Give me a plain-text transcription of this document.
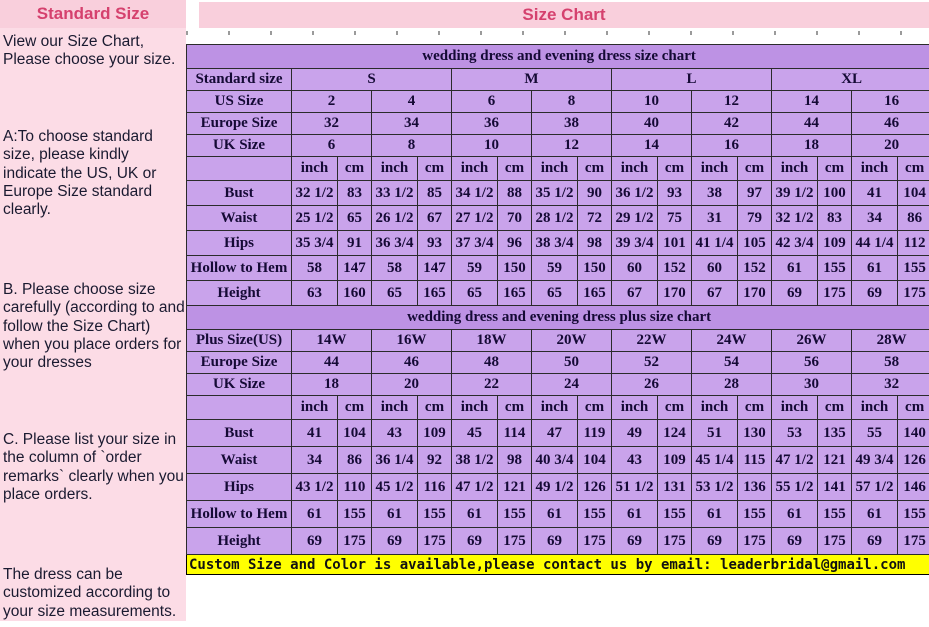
Standard Size

View our Size Chart, Please choose your size.

A:To choose standard size, please kindly indicate the US, UK or Europe Size standard clearly.

B. Please choose size carefully (according to and follow the Size Chart) when you place orders for your dresses

C. Please list your size in the column of `order remarks` clearly when you place orders.

The dress can be customized according to your size measurements.

Size Chart
wedding dress and evening dress size chart																
Standard size	S				M				L				XL			
US Size	2		4		6		8		10		12		14		16	
Europe Size	32		34		36		38		40		42		44		46	
UK Size	6		8		10		12		14		16		18		20	
	inch	cm	inch	cm	inch	cm	inch	cm	inch	cm	inch	cm	inch	cm	inch	cm
Bust	32 1/2	83	33 1/2	85	34 1/2	88	35 1/2	90	36 1/2	93	38	97	39 1/2	100	41	104
Waist	25 1/2	65	26 1/2	67	27 1/2	70	28 1/2	72	29 1/2	75	31	79	32 1/2	83	34	86
Hips	35 3/4	91	36 3/4	93	37 3/4	96	38 3/4	98	39 3/4	101	41 1/4	105	42 3/4	109	44 1/4	112
Hollow to Hem	58	147	58	147	59	150	59	150	60	152	60	152	61	155	61	155
Height	63	160	65	165	65	165	65	165	67	170	67	170	69	175	69	175
wedding dress and evening dress plus size chart																
Plus Size(US)	14W		16W		18W		20W		22W		24W		26W		28W	
Europe Size	44		46		48		50		52		54		56		58	
UK Size	18		20		22		24		26		28		30		32	
	inch	cm	inch	cm	inch	cm	inch	cm	inch	cm	inch	cm	inch	cm	inch	cm
Bust	41	104	43	109	45	114	47	119	49	124	51	130	53	135	55	140
Waist	34	86	36 1/4	92	38 1/2	98	40 3/4	104	43	109	45 1/4	115	47 1/2	121	49 3/4	126
Hips	43 1/2	110	45 1/2	116	47 1/2	121	49 1/2	126	51 1/2	131	53 1/2	136	55 1/2	141	57 1/2	146
Hollow to Hem	61	155	61	155	61	155	61	155	61	155	61	155	61	155	61	155
Height	69	175	69	175	69	175	69	175	69	175	69	175	69	175	69	175
Custom Size and Color is available,please contact us by email: leaderbridal@gmail.com																
